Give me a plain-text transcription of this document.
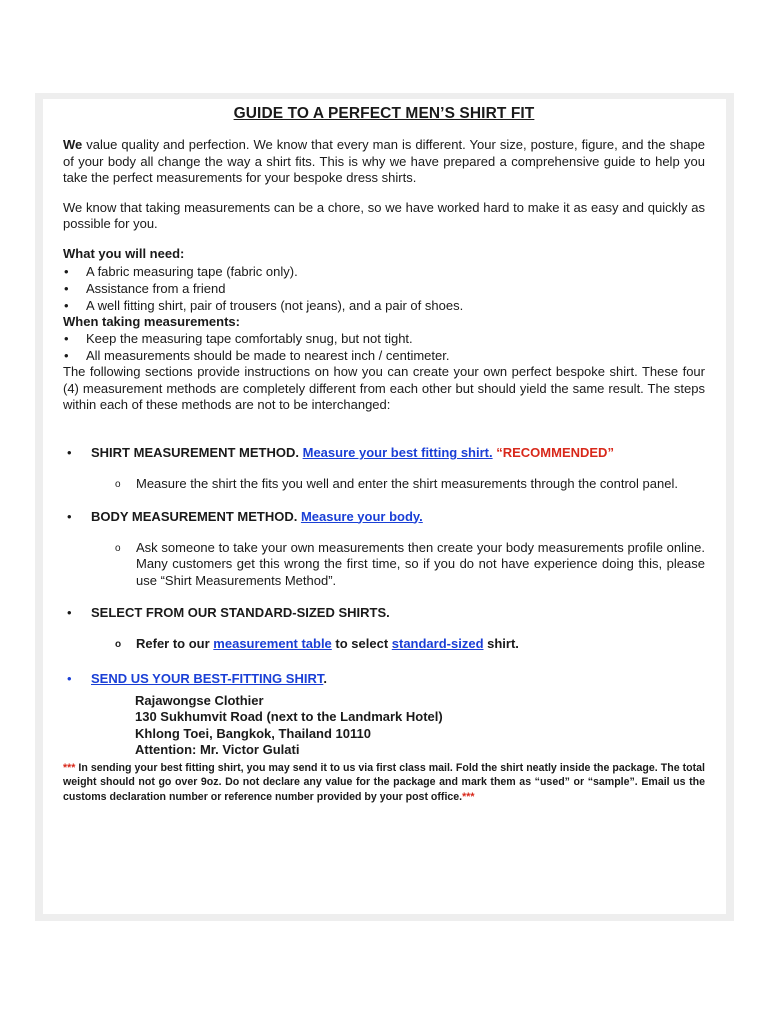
GUIDE TO A PERFECT MEN’S SHIRT FIT

We value quality and perfection. We know that every man is different. Your size, posture, figure, and the shape of your body all change the way a shirt fits. This is why we have prepared a comprehensive guide to help you take the perfect measurements for your bespoke dress shirts.

We know that taking measurements can be a chore, so we have worked hard to make it as easy and quickly as possible for you.

What you will need:
• A fabric measuring tape (fabric only).
• Assistance from a friend
• A well fitting shirt, pair of trousers (not jeans), and a pair of shoes.
When taking measurements:
• Keep the measuring tape comfortably snug, but not tight.
• All measurements should be made to nearest inch / centimeter.

The following sections provide instructions on how you can create your own perfect bespoke shirt. These four (4) measurement methods are completely different from each other but should yield the same result. The steps within each of these methods are not to be interchanged:

• SHIRT MEASUREMENT METHOD. Measure your best fitting shirt. “RECOMMENDED”
o Measure the shirt the fits you well and enter the shirt measurements through the control panel.
• BODY MEASUREMENT METHOD. Measure your body.
o Ask someone to take your own measurements then create your body measurements profile online. Many customers get this wrong the first time, so if you do not have experience doing this, please use “Shirt Measurements Method”.
• SELECT FROM OUR STANDARD-SIZED SHIRTS.
o Refer to our measurement table to select standard-sized shirt.
• SEND US YOUR BEST-FITTING SHIRT.
Rajawongse Clothier
130 Sukhumvit Road (next to the Landmark Hotel)
Khlong Toei, Bangkok, Thailand 10110
Attention: Mr. Victor Gulati

*** In sending your best fitting shirt, you may send it to us via first class mail. Fold the shirt neatly inside the package. The total weight should not go over 9oz. Do not declare any value for the package and mark them as “used” or “sample”. Email us the customs declaration number or reference number provided by your post office.***
